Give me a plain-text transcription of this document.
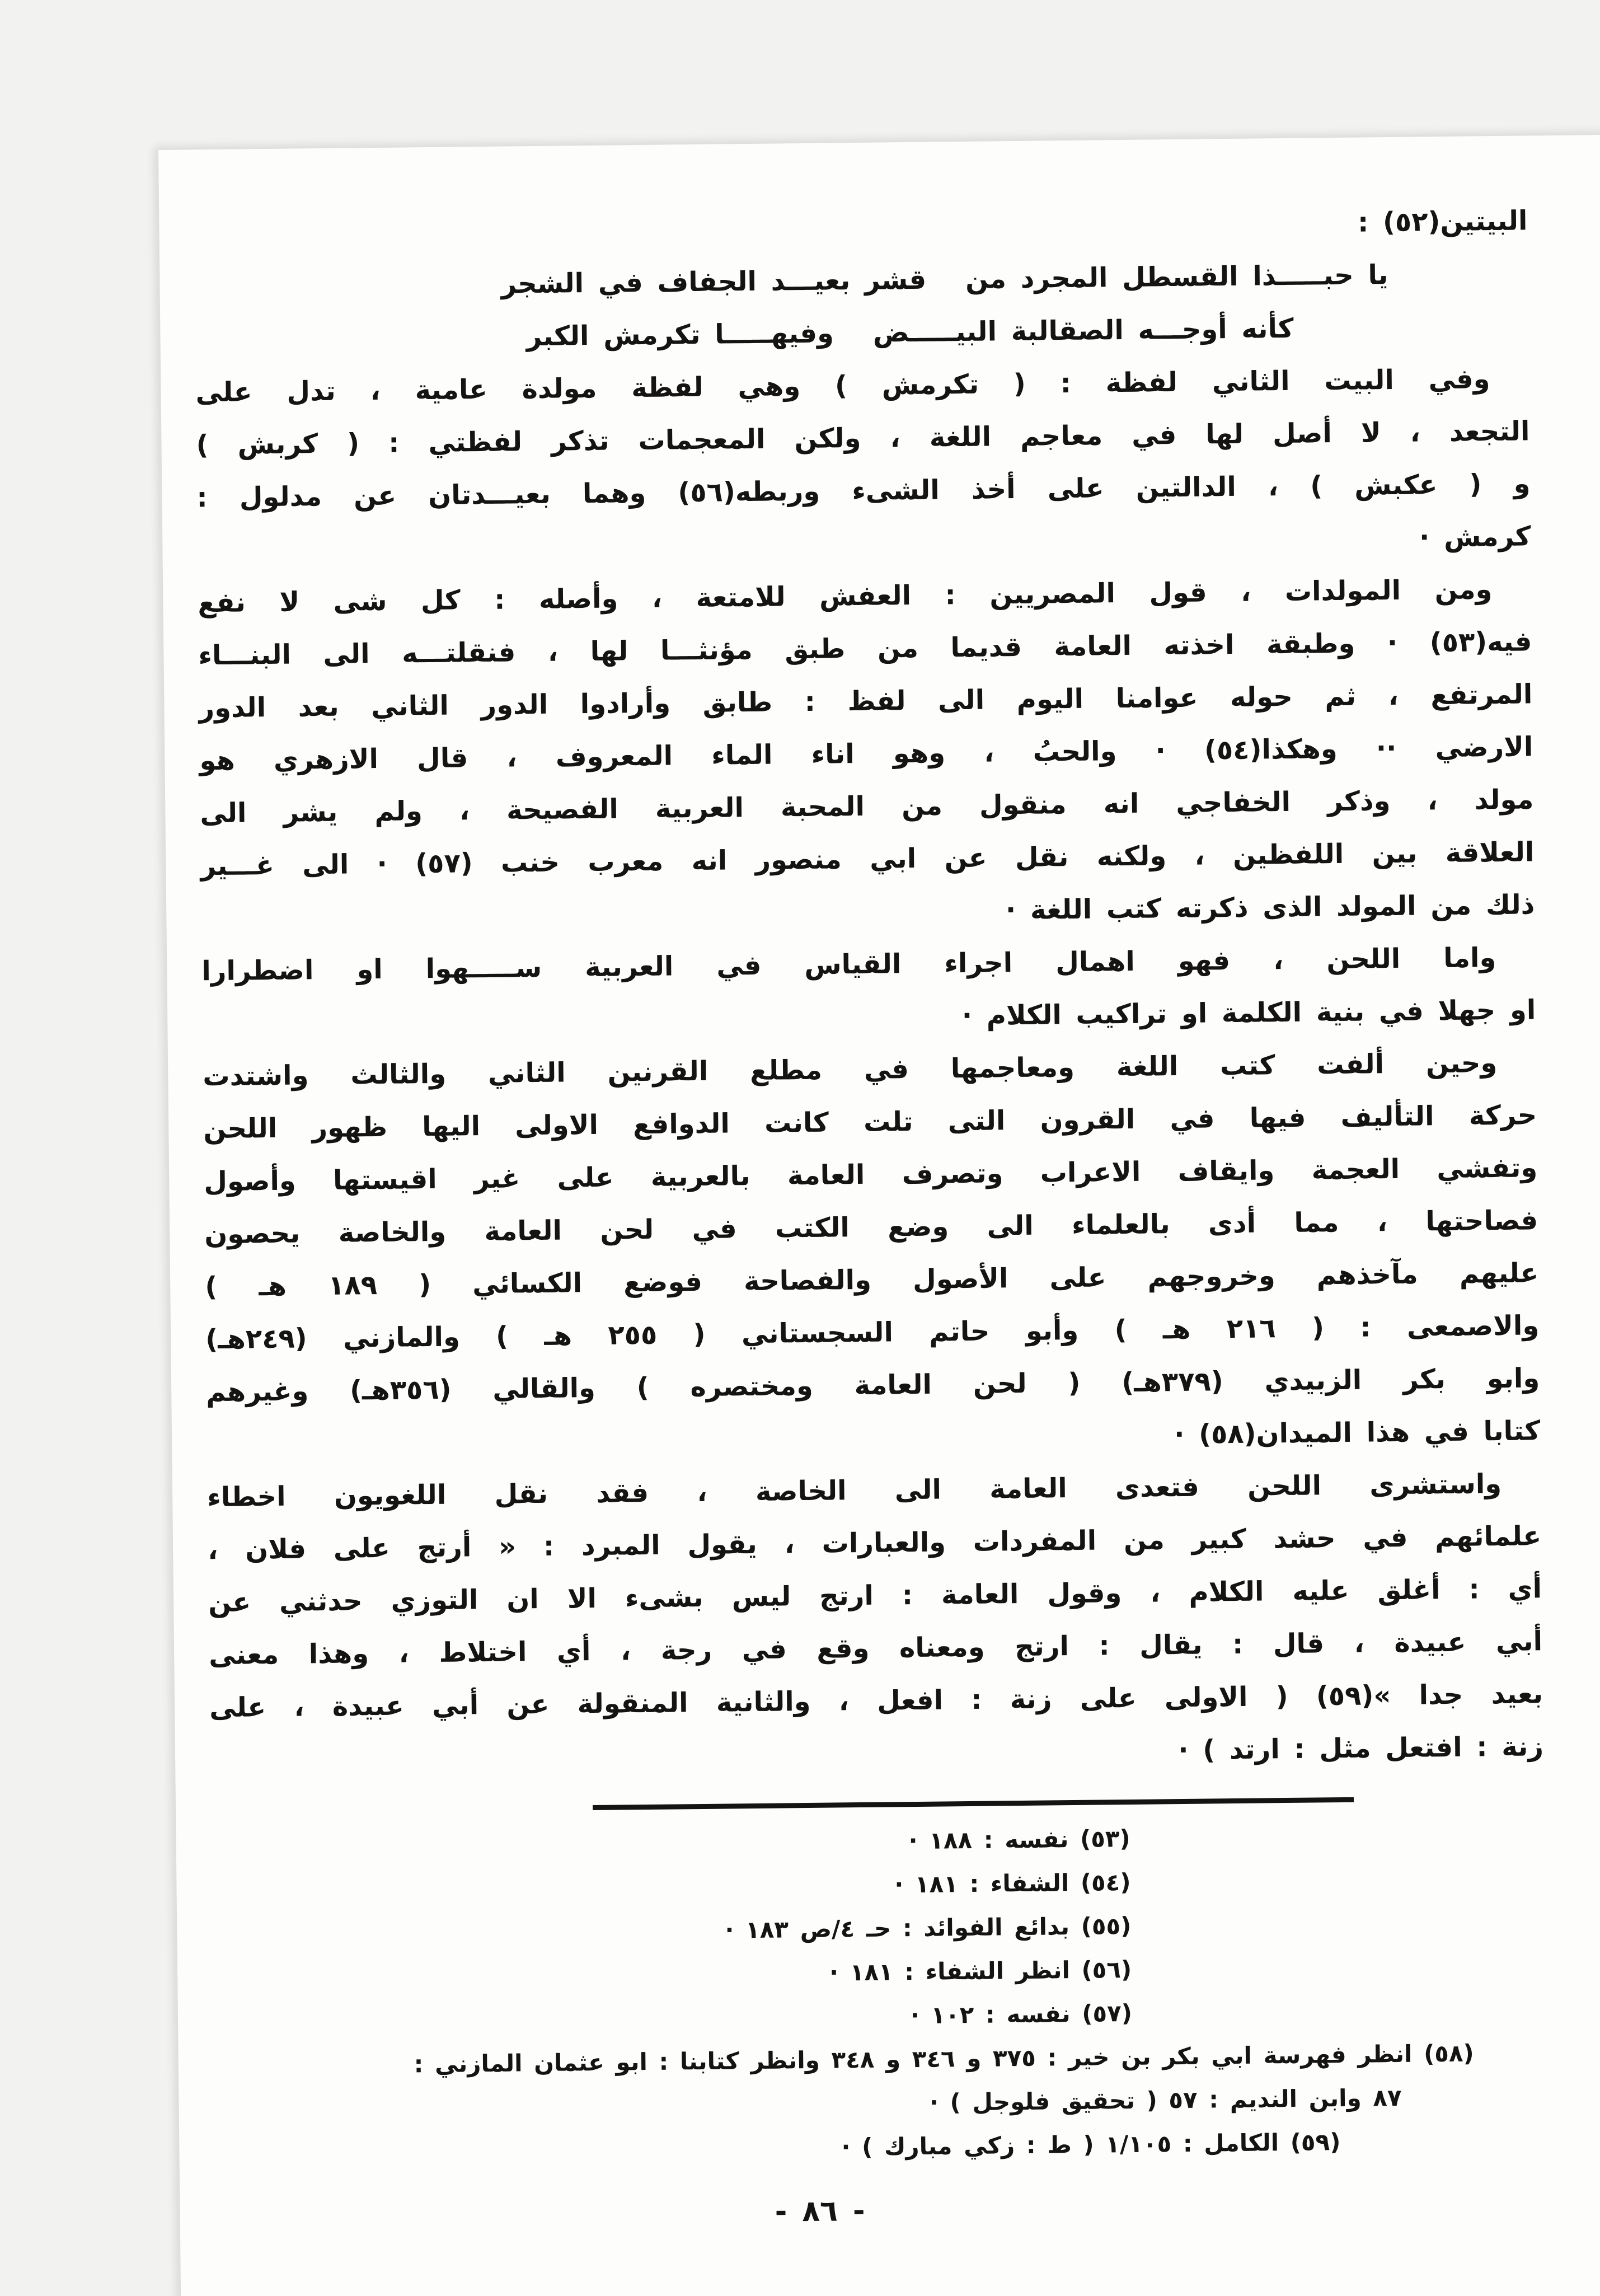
البيتين(٥٢) :
يا حبـــــذا القسطل المجرد من
قشر بعيـــد الجفاف في الشجر
كأنه أوجـــه الصقالبة البيـــــض
وفيهـــــا تكرمش الكبر
وفي البيت الثاني لفظة : ( تكرمش ) وهي لفظة مولدة عامية ، تدل على
التجعد ، لا أصل لها في معاجم اللغة ، ولكن المعجمات تذكر لفظتي : ( كربش )
و ( عكبش ) ، الدالتين على أخذ الشىء وربطه(٥٦) وهما بعيـــدتان عن مدلول :
كرمش ·
ومن المولدات ، قول المصريين : العفش للامتعة ، وأصله : كل شى لا نفع
فيه(٥٣) · وطبقة اخذته العامة قديما من طبق مؤنثـــا لها ، فنقلتـــه الى البنـــاء
المرتفع ، ثم حوله عوامنا اليوم الى لفظ : طابق وأرادوا الدور الثاني بعد الدور
الارضي ·· وهكذا(٥٤) · والحبُ ، وهو اناء الماء المعروف ، قال الازهري هو
مولد ، وذكر الخفاجي انه منقول من المحبة العربية الفصيحة ، ولم يشر الى
العلاقة بين اللفظين ، ولكنه نقل عن ابي منصور انه معرب خنب (٥٧) · الى غـــير
ذلك من المولد الذى ذكرته كتب اللغة ·
واما اللحن ، فهو اهمال اجراء القياس في العربية ســـــهوا او اضطرارا
او جهلا في بنية الكلمة او تراكيب الكلام ·
وحين ألفت كتب اللغة ومعاجمها في مطلع القرنين الثاني والثالث واشتدت
حركة التأليف فيها في القرون التى تلت كانت الدوافع الاولى اليها ظهور اللحن
وتفشي العجمة وايقاف الاعراب وتصرف العامة بالعربية على غير اقيستها وأصول
فصاحتها ، مما أدى بالعلماء الى وضع الكتب في لحن العامة والخاصة يحصون
عليهم مآخذهم وخروجهم على الأصول والفصاحة فوضع الكسائي ( ١٨٩ هـ )
والاصمعى : ( ٢١٦ هـ ) وأبو حاتم السجستاني ( ٢٥٥ هـ ) والمازني (٢٤٩هـ)
وابو بكر الزبيدي (٣٧٩هـ) ( لحن العامة ومختصره ) والقالي (٣٥٦هـ) وغيرهم
كتابا في هذا الميدان(٥٨) ·
واستشرى اللحن فتعدى العامة الى الخاصة ، فقد نقل اللغويون اخطاء
علمائهم في حشد كبير من المفردات والعبارات ، يقول المبرد : « أرتج على فلان ،
أي : أغلق عليه الكلام ، وقول العامة : ارتج ليس بشىء الا ان التوزي حدثني عن
أبي عبيدة ، قال : يقال : ارتج ومعناه وقع في رجة ، أي اختلاط ، وهذا معنى
بعيد جدا »(٥٩) ( الاولى على زنة : افعل ، والثانية المنقولة عن أبي عبيدة ، على
زنة : افتعل مثل : ارتد ) ·
(٥٣) نفسه : ١٨٨ ·
(٥٤) الشفاء : ١٨١ ·
(٥٥) بدائع الفوائد : حـ ٤/ص ١٨٣ ·
(٥٦) انظر الشفاء : ١٨١ ·
(٥٧) نفسه : ١٠٢ ·
(٥٨) انظر فهرسة ابي بكر بن خير : ٣٧٥ و ٣٤٦ و ٣٤٨ وانظر كتابنا : ابو عثمان المازني :
٨٧ وابن النديم : ٥٧ ( تحقيق فلوجل ) ·
(٥٩) الكامل : ١/١٠٥ ( ط : زكي مبارك ) ·
- ٨٦ -
